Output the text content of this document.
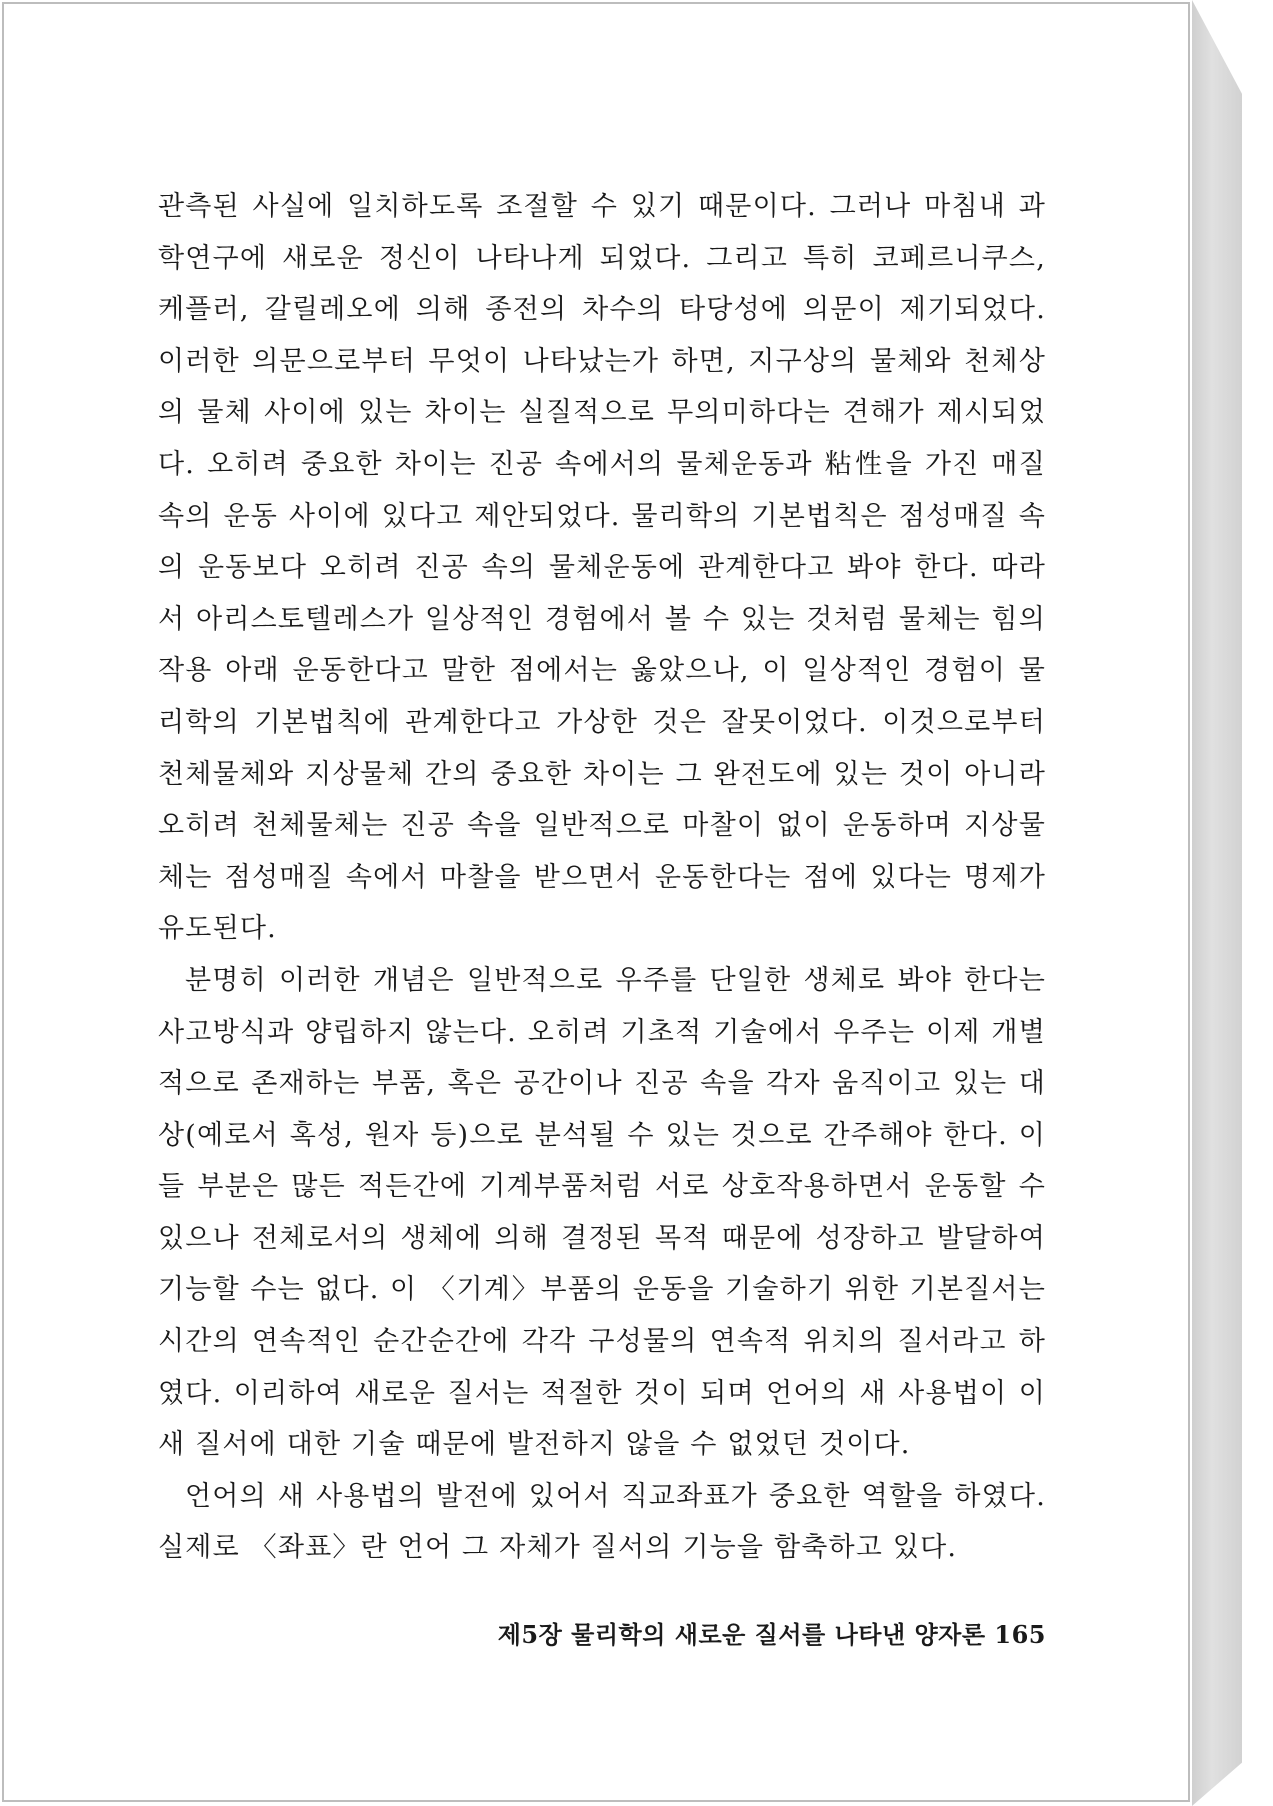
관측된 사실에 일치하도록 조절할 수 있기 때문이다. 그러나 마침내 과학연구에 새로운 정신이 나타나게 되었다. 그리고 특히 코페르니쿠스, 케플러, 갈릴레오에 의해 종전의 차수의 타당성에 의문이 제기되었다. 이러한 의문으로부터 무엇이 나타났는가 하면, 지구상의 물체와 천체상의 물체 사이에 있는 차이는 실질적으로 무의미하다는 견해가 제시되었다. 오히려 중요한 차이는 진공 속에서의 물체운동과 粘性을 가진 매질 속의 운동 사이에 있다고 제안되었다. 물리학의 기본법칙은 점성매질 속의 운동보다 오히려 진공 속의 물체운동에 관계한다고 봐야 한다. 따라서 아리스토텔레스가 일상적인 경험에서 볼 수 있는 것처럼 물체는 힘의 작용 아래 운동한다고 말한 점에서는 옳았으나, 이 일상적인 경험이 물리학의 기본법칙에 관계한다고 가상한 것은 잘못이었다. 이것으로부터 천체물체와 지상물체 간의 중요한 차이는 그 완전도에 있는 것이 아니라 오히려 천체물체는 진공 속을 일반적으로 마찰이 없이 운동하며 지상물체는 점성매질 속에서 마찰을 받으면서 운동한다는 점에 있다는 명제가 유도된다.

분명히 이러한 개념은 일반적으로 우주를 단일한 생체로 봐야 한다는 사고방식과 양립하지 않는다. 오히려 기초적 기술에서 우주는 이제 개별적으로 존재하는 부품, 혹은 공간이나 진공 속을 각자 움직이고 있는 대상(예로서 혹성, 원자 등)으로 분석될 수 있는 것으로 간주해야 한다. 이들 부분은 많든 적든간에 기계부품처럼 서로 상호작용하면서 운동할 수 있으나 전체로서의 생체에 의해 결정된 목적 때문에 성장하고 발달하여 기능할 수는 없다. 이 〈기계〉부품의 운동을 기술하기 위한 기본질서는 시간의 연속적인 순간순간에 각각 구성물의 연속적 위치의 질서라고 하였다. 이리하여 새로운 질서는 적절한 것이 되며 언어의 새 사용법이 이 새 질서에 대한 기술 때문에 발전하지 않을 수 없었던 것이다.

언어의 새 사용법의 발전에 있어서 직교좌표가 중요한 역할을 하였다. 실제로 〈좌표〉란 언어 그 자체가 질서의 기능을 함축하고 있다.

제5장 물리학의 새로운 질서를 나타낸 양자론 165
